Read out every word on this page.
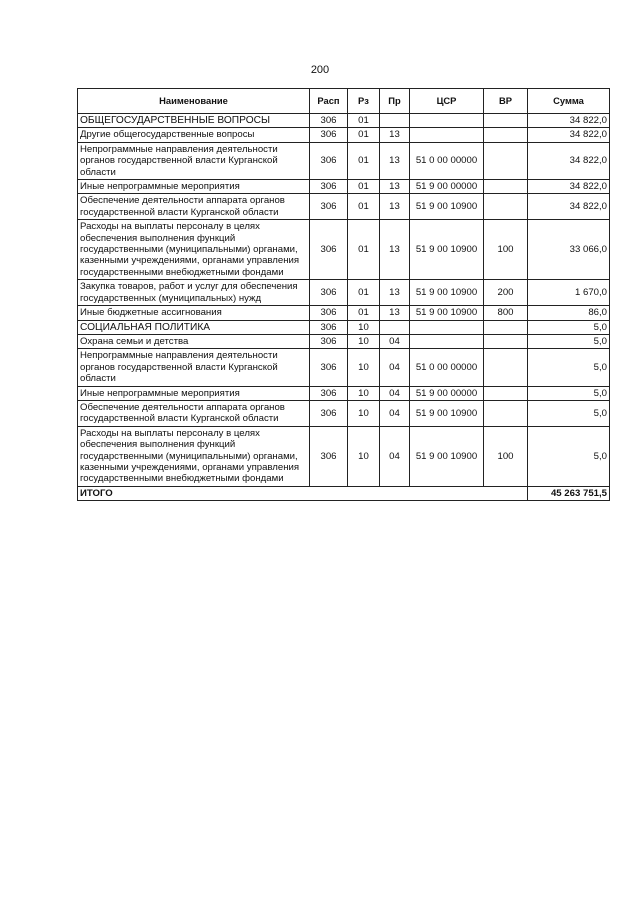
200
Наименование	Расп	Рз	Пр	ЦСР	ВР	Сумма
ОБЩЕГОСУДАРСТВЕННЫЕ ВОПРОСЫ	306	01				34 822,0
Другие общегосударственные вопросы	306	01	13			34 822,0
Непрограммные направления деятельности органов государственной власти Курганской области	306	01	13	51 0 00 00000		34 822,0
Иные непрограммные мероприятия	306	01	13	51 9 00 00000		34 822,0
Обеспечение деятельности аппарата органов государственной власти Курганской области	306	01	13	51 9 00 10900		34 822,0
Расходы на выплаты персоналу в целях обеспечения выполнения функций государственными (муниципальными) органами, казенными учреждениями, органами управления государственными внебюджетными фондами	306	01	13	51 9 00 10900	100	33 066,0
Закупка товаров, работ и услуг для обеспечения государственных (муниципальных) нужд	306	01	13	51 9 00 10900	200	1 670,0
Иные бюджетные ассигнования	306	01	13	51 9 00 10900	800	86,0
СОЦИАЛЬНАЯ ПОЛИТИКА	306	10				5,0
Охрана семьи и детства	306	10	04			5,0
Непрограммные направления деятельности органов государственной власти Курганской области	306	10	04	51 0 00 00000		5,0
Иные непрограммные мероприятия	306	10	04	51 9 00 00000		5,0
Обеспечение деятельности аппарата органов государственной власти Курганской области	306	10	04	51 9 00 10900		5,0
Расходы на выплаты персоналу в целях обеспечения выполнения функций государственными (муниципальными) органами, казенными учреждениями, органами управления государственными внебюджетными фондами	306	10	04	51 9 00 10900	100	5,0
ИТОГО						45 263 751,5
